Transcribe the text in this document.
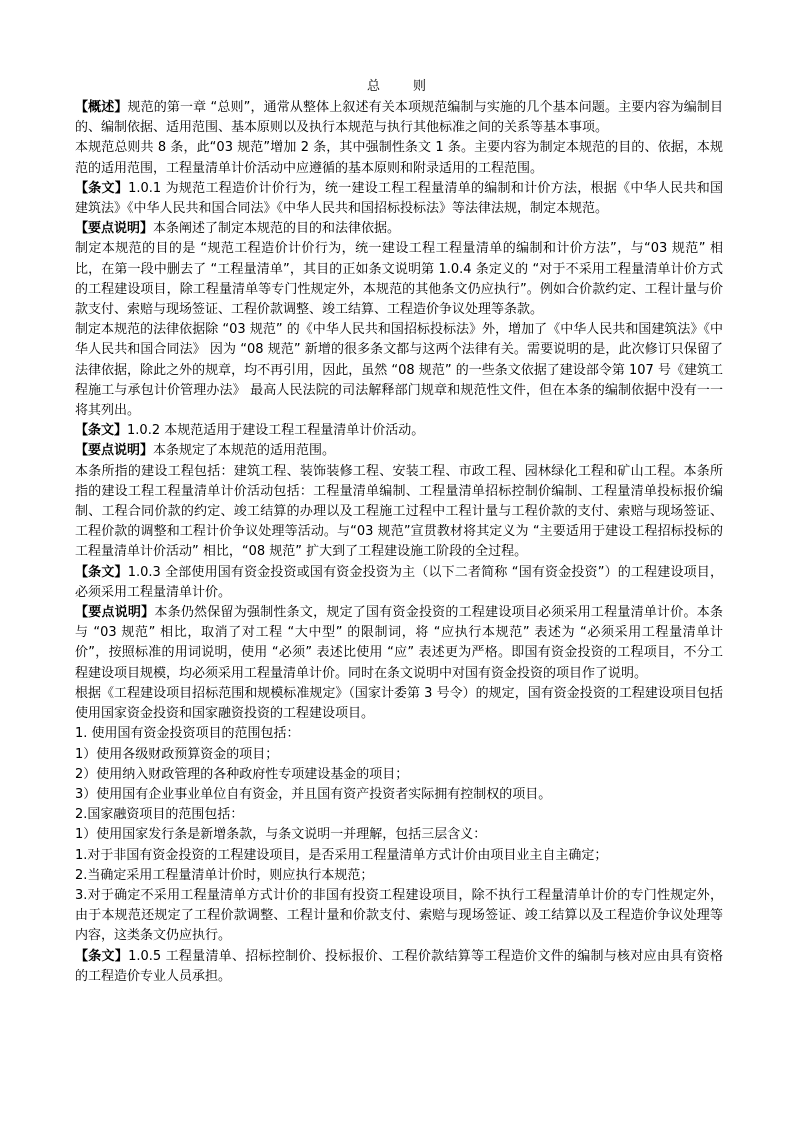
总 则

【概述】规范的第一章 “总则”，通常从整体上叙述有关本项规范编制与实施的几个基本问题。主要内容为编制目的、编制依据、适用范围、基本原则以及执行本规范与执行其他标准之间的关系等基本事项。

本规范总则共 8 条，此“03 规范”增加 2 条，其中强制性条文 1 条。主要内容为制定本规范的目的、依据，本规范的适用范围，工程量清单计价活动中应遵循的基本原则和附录适用的工程范围。

【条文】1.0.1 为规范工程造价计价行为，统一建设工程工程量清单的编制和计价方法，根据《中华人民共和国建筑法》《中华人民共和国合同法》《中华人民共和国招标投标法》等法律法规，制定本规范。

【要点说明】本条阐述了制定本规范的目的和法律依据。

制定本规范的目的是 “规范工程造价计价行为，统一建设工程工程量清单的编制和计价方法”，与“03 规范” 相比，在第一段中删去了 “工程量清单”，其目的正如条文说明第 1.0.4 条定义的 “对于不采用工程量清单计价方式的工程建设项目，除工程量清单等专门性规定外，本规范的其他条文仍应执行”。例如合价款约定、工程计量与价款支付、索赔与现场签证、工程价款调整、竣工结算、工程造价争议处理等条款。

制定本规范的法律依据除 “03 规范” 的《中华人民共和国招标投标法》外，增加了《中华人民共和国建筑法》《中华人民共和国合同法》 因为 “08 规范” 新增的很多条文都与这两个法律有关。需要说明的是，此次修订只保留了法律依据，除此之外的规章，均不再引用，因此，虽然 “08 规范” 的一些条文依据了建设部令第 107 号《建筑工程施工与承包计价管理办法》 最高人民法院的司法解释部门规章和规范性文件，但在本条的编制依据中没有一一将其列出。

【条文】1.0.2 本规范适用于建设工程工程量清单计价活动。

【要点说明】本条规定了本规范的适用范围。

本条所指的建设工程包括：建筑工程、装饰装修工程、安装工程、市政工程、园林绿化工程和矿山工程。本条所指的建设工程工程量清单计价活动包括：工程量清单编制、工程量清单招标控制价编制、工程量清单投标报价编制、工程合同价款的约定、竣工结算的办理以及工程施工过程中工程计量与工程价款的支付、索赔与现场签证、工程价款的调整和工程计价争议处理等活动。与“03 规范”宣贯教材将其定义为 “主要适用于建设工程招标投标的工程量清单计价活动” 相比，“08 规范” 扩大到了工程建设施工阶段的全过程。

【条文】1.0.3 全部使用国有资金投资或国有资金投资为主（以下二者简称 “国有资金投资”）的工程建设项目，必须采用工程量清单计价。

【要点说明】本条仍然保留为强制性条文，规定了国有资金投资的工程建设项目必须采用工程量清单计价。本条与 “03 规范” 相比，取消了对工程 “大中型” 的限制词，将 “应执行本规范” 表述为 “必须采用工程量清单计价”，按照标准的用词说明，使用 “必须” 表述比使用 “应” 表述更为严格。即国有资金投资的工程项目，不分工程建设项目规模，均必须采用工程量清单计价。同时在条文说明中对国有资金投资的项目作了说明。

根据《工程建设项目招标范围和规模标准规定》（国家计委第 3 号令）的规定，国有资金投资的工程建设项目包括使用国家资金投资和国家融资投资的工程建设项目。

1. 使用国有资金投资项目的范围包括：

1）使用各级财政预算资金的项目；

2）使用纳入财政管理的各种政府性专项建设基金的项目；

3）使用国有企业事业单位自有资金，并且国有资产投资者实际拥有控制权的项目。

2.国家融资项目的范围包括：

1）使用国家发行条是新增条款，与条文说明一并理解，包括三层含义：

1.对于非国有资金投资的工程建设项目，是否采用工程量清单方式计价由项目业主自主确定；

2.当确定采用工程量清单计价时，则应执行本规范；

3.对于确定不采用工程量清单方式计价的非国有投资工程建设项目，除不执行工程量清单计价的专门性规定外，由于本规范还规定了工程价款调整、工程计量和价款支付、索赔与现场签证、竣工结算以及工程造价争议处理等内容，这类条文仍应执行。

【条文】1.0.5 工程量清单、招标控制价、投标报价、工程价款结算等工程造价文件的编制与核对应由具有资格的工程造价专业人员承担。
